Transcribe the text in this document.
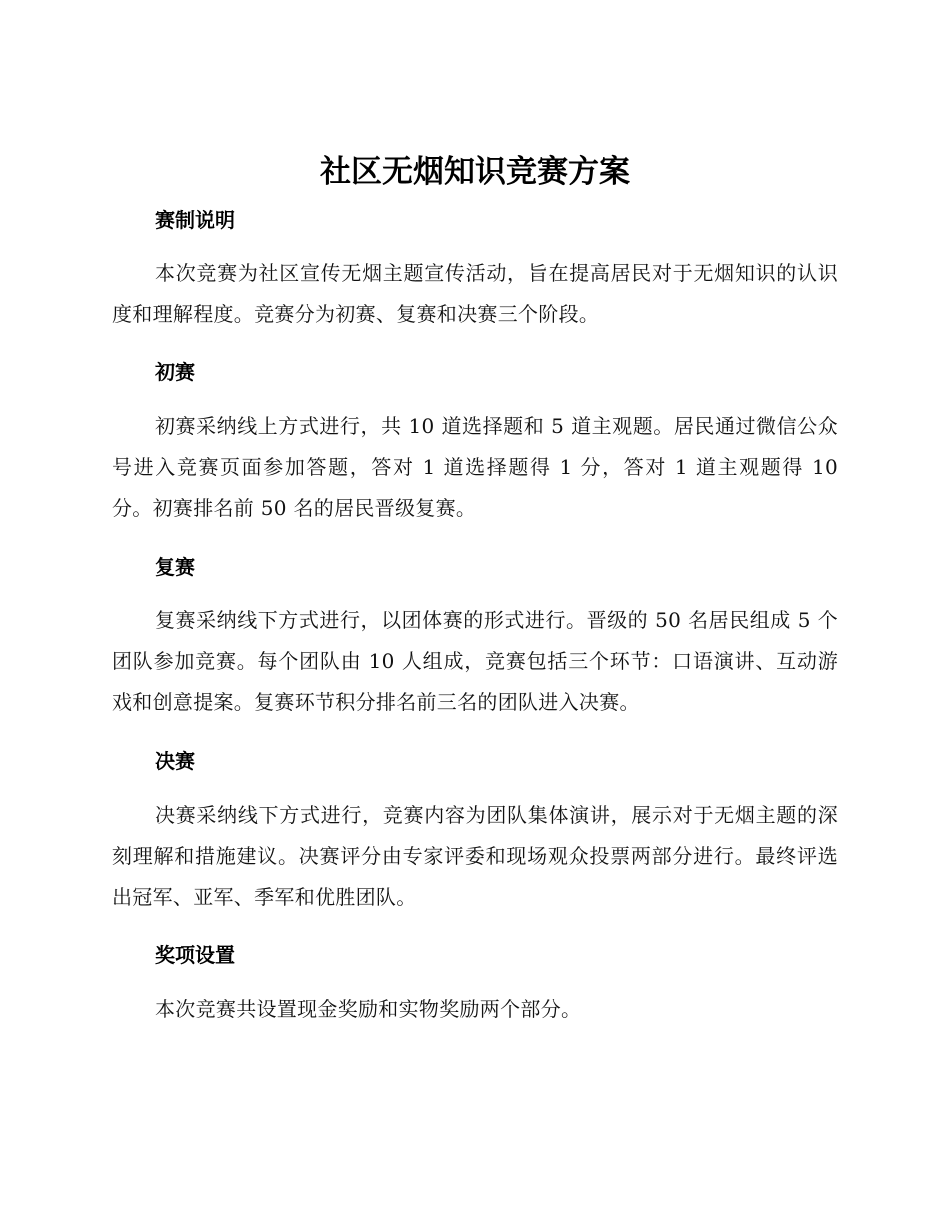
社区无烟知识竞赛方案
赛制说明

本次竞赛为社区宣传无烟主题宣传活动，旨在提高居民对于无烟知识的认识度和理解程度。竞赛分为初赛、复赛和决赛三个阶段。

初赛

初赛采纳线上方式进行，共 10 道选择题和 5 道主观题。居民通过微信公众号进入竞赛页面参加答题，答对 1 道选择题得 1 分，答对 1 道主观题得 10 分。初赛排名前 50 名的居民晋级复赛。

复赛

复赛采纳线下方式进行，以团体赛的形式进行。晋级的 50 名居民组成 5 个团队参加竞赛。每个团队由 10 人组成，竞赛包括三个环节：口语演讲、互动游戏和创意提案。复赛环节积分排名前三名的团队进入决赛。

决赛

决赛采纳线下方式进行，竞赛内容为团队集体演讲，展示对于无烟主题的深刻理解和措施建议。决赛评分由专家评委和现场观众投票两部分进行。最终评选出冠军、亚军、季军和优胜团队。

奖项设置

本次竞赛共设置现金奖励和实物奖励两个部分。
